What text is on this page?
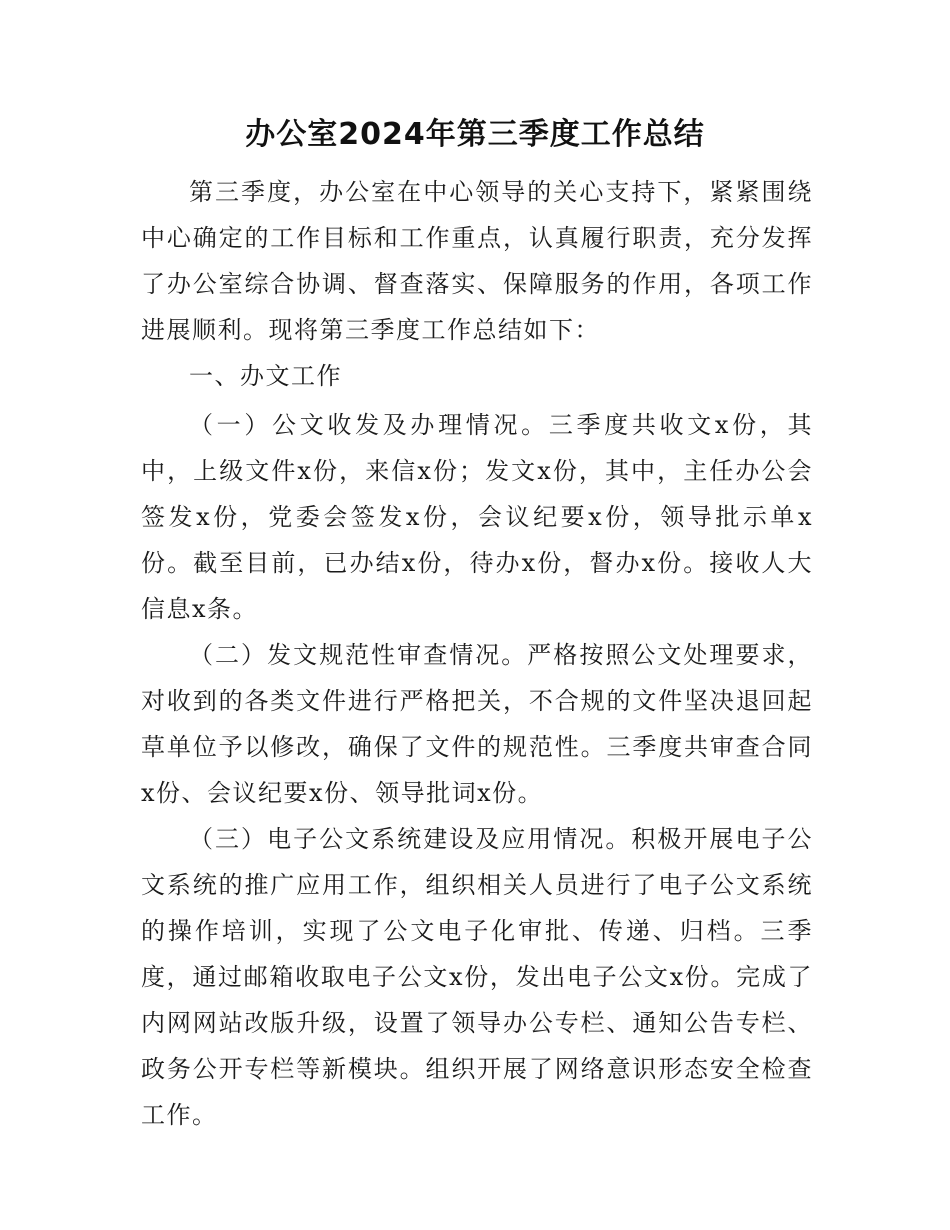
办公室2024年第三季度工作总结

第三季度，办公室在中心领导的关心支持下，紧紧围绕中心确定的工作目标和工作重点，认真履行职责，充分发挥了办公室综合协调、督查落实、保障服务的作用，各项工作进展顺利。现将第三季度工作总结如下：

一、办文工作

（一）公文收发及办理情况。三季度共收文x份，其中，上级文件x份，来信x份；发文x份，其中，主任办公会签发x份，党委会签发x份，会议纪要x份，领导批示单x份。截至目前，已办结x份，待办x份，督办x份。接收人大信息x条。

（二）发文规范性审查情况。严格按照公文处理要求，对收到的各类文件进行严格把关，不合规的文件坚决退回起草单位予以修改，确保了文件的规范性。三季度共审查合同x份、会议纪要x份、领导批词x份。

（三）电子公文系统建设及应用情况。积极开展电子公文系统的推广应用工作，组织相关人员进行了电子公文系统的操作培训，实现了公文电子化审批、传递、归档。三季度，通过邮箱收取电子公文x份，发出电子公文x份。完成了内网网站改版升级，设置了领导办公专栏、通知公告专栏、政务公开专栏等新模块。组织开展了网络意识形态安全检查工作。
